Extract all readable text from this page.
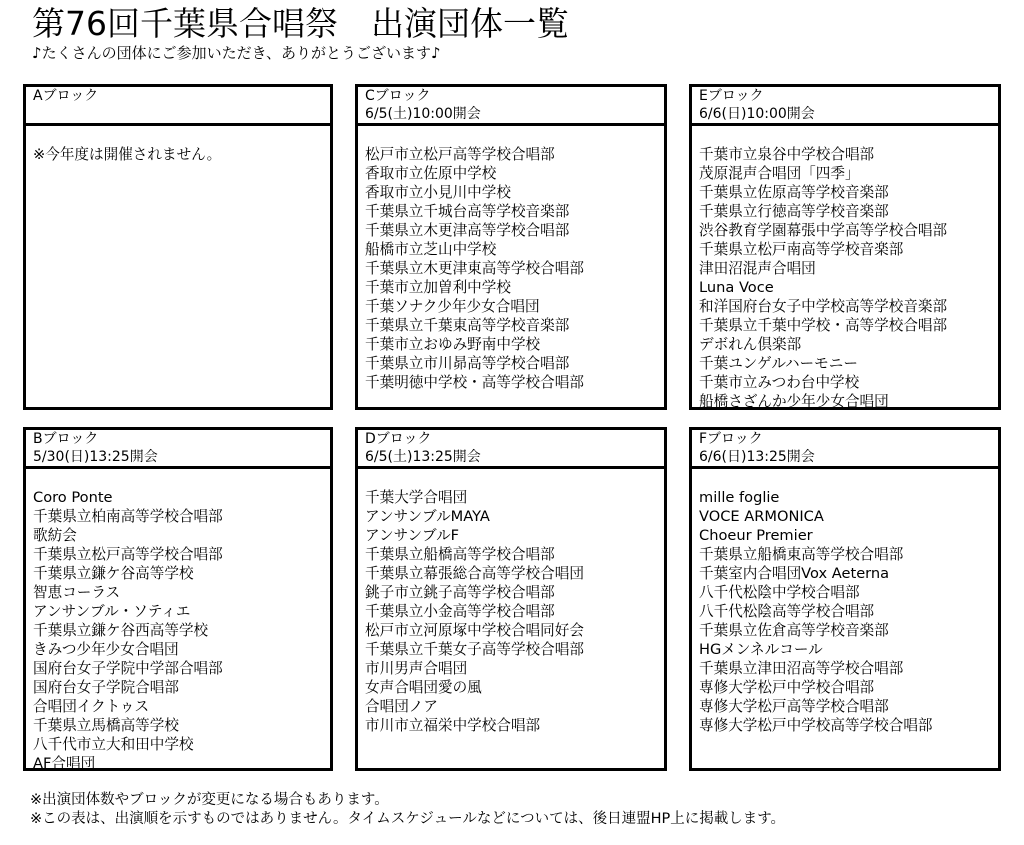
第76回千葉県合唱祭　出演団体一覧

♪たくさんの団体にご参加いただき、ありがとうございます♪

Aブロック
※今年度は開催されません。
Cブロック
6/5(土)10:00開会
松戸市立松戸高等学校合唱部
香取市立佐原中学校
香取市立小見川中学校
千葉県立千城台高等学校音楽部
千葉県立木更津高等学校合唱部
船橋市立芝山中学校
千葉県立木更津東高等学校合唱部
千葉市立加曽利中学校
千葉ソナク少年少女合唱団
千葉県立千葉東高等学校音楽部
千葉市立おゆみ野南中学校
千葉県立市川昴高等学校合唱部
千葉明徳中学校・高等学校合唱部
Eブロック
6/6(日)10:00開会
千葉市立泉谷中学校合唱部
茂原混声合唱団「四季」
千葉県立佐原高等学校音楽部
千葉県立行徳高等学校音楽部
渋谷教育学園幕張中学高等学校合唱部
千葉県立松戸南高等学校音楽部
津田沼混声合唱団
Luna Voce
和洋国府台女子中学校高等学校音楽部
千葉県立千葉中学校・高等学校合唱部
デボれん倶楽部
千葉ユンゲルハーモニー
千葉市立みつわ台中学校
船橋さざんか少年少女合唱団
Bブロック
5/30(日)13:25開会
Coro Ponte
千葉県立柏南高等学校合唱部
歌紡会
千葉県立松戸高等学校合唱部
千葉県立鎌ケ谷高等学校
智恵コーラス
アンサンブル・ソティエ
千葉県立鎌ケ谷西高等学校
きみつ少年少女合唱団
国府台女子学院中学部合唱部
国府台女子学院合唱部
合唱団イクトゥス
千葉県立馬橋高等学校
八千代市立大和田中学校
AF合唱団
Dブロック
6/5(土)13:25開会
千葉大学合唱団
アンサンブルMAYA
アンサンブルF
千葉県立船橋高等学校合唱部
千葉県立幕張総合高等学校合唱団
銚子市立銚子高等学校合唱部
千葉県立小金高等学校合唱部
松戸市立河原塚中学校合唱同好会
千葉県立千葉女子高等学校合唱部
市川男声合唱団
女声合唱団愛の風
合唱団ノア
市川市立福栄中学校合唱部
Fブロック
6/6(日)13:25開会
mille foglie
VOCE ARMONICA
Choeur Premier
千葉県立船橋東高等学校合唱部
千葉室内合唱団Vox Aeterna
八千代松陰中学校合唱部
八千代松陰高等学校合唱部
千葉県立佐倉高等学校音楽部
HGメンネルコール
千葉県立津田沼高等学校合唱部
専修大学松戸中学校合唱部
専修大学松戸高等学校合唱部
専修大学松戸中学校高等学校合唱部
※出演団体数やブロックが変更になる場合もあります。
※この表は、出演順を示すものではありません。タイムスケジュールなどについては、後日連盟HP上に掲載します。
